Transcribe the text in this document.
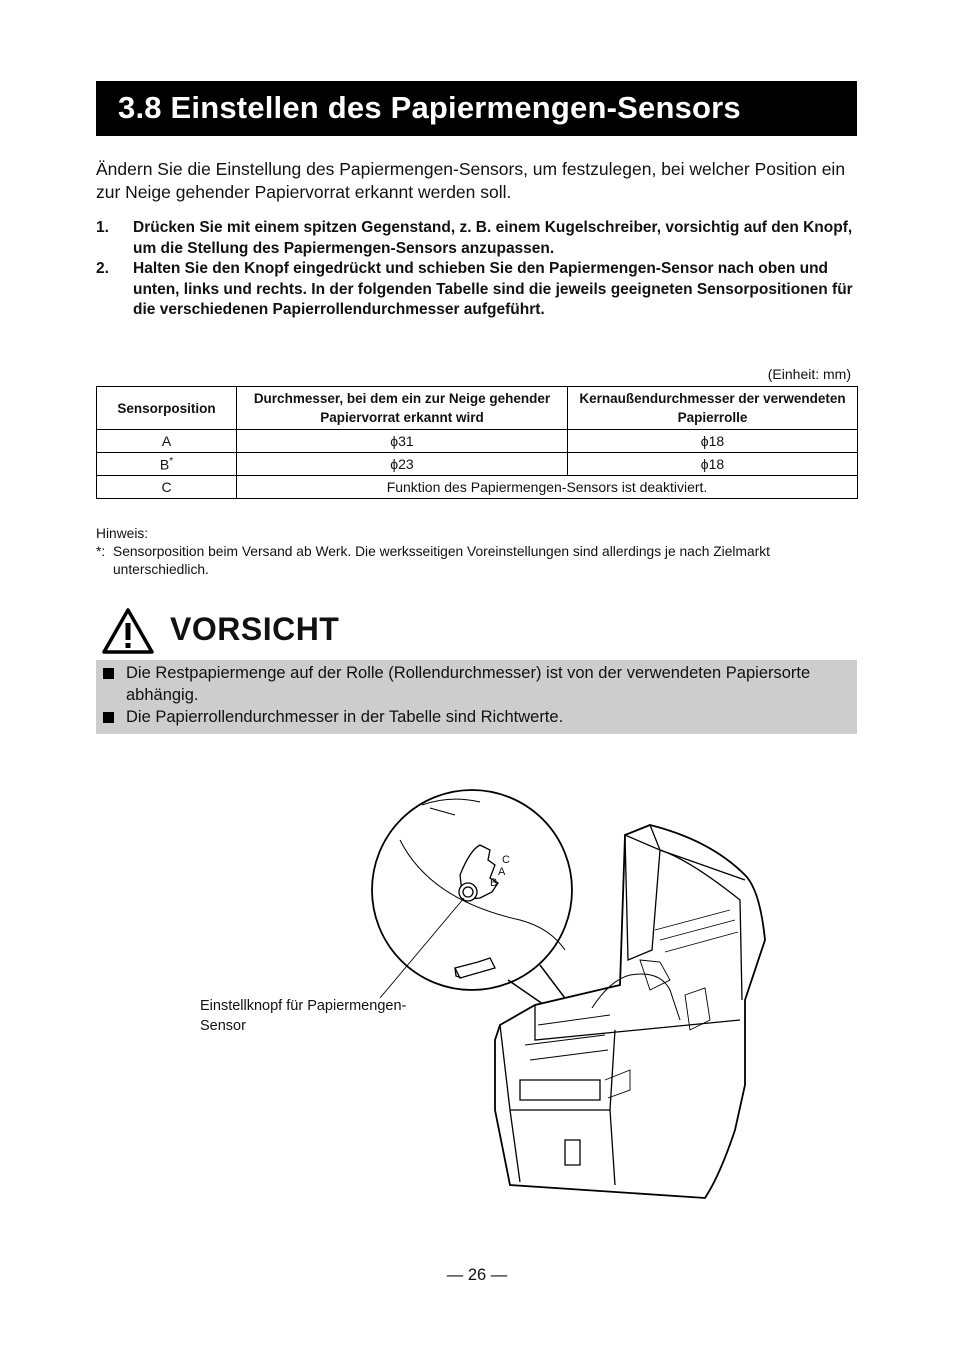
3.8 Einstellen des Papiermengen-Sensors
Ändern Sie die Einstellung des Papiermengen-Sensors, um festzulegen, bei welcher Position ein zur Neige gehender Papiervorrat erkannt werden soll.
1. Drücken Sie mit einem spitzen Gegenstand, z. B. einem Kugelschreiber, vorsichtig auf den Knopf, um die Stellung des Papiermengen-Sensors anzupassen.
2. Halten Sie den Knopf eingedrückt und schieben Sie den Papiermengen-Sensor nach oben und unten, links und rechts. In der folgenden Tabelle sind die jeweils geeigneten Sensorpositionen für die verschiedenen Papierrollendurchmesser aufgeführt.
(Einheit: mm)
Sensorposition	Durchmesser, bei dem ein zur Neige gehender Papiervorrat erkannt wird	Kernaußendurchmesser der verwendeten Papierrolle
A	ϕ31	ϕ18
B*	ϕ23	ϕ18
C	Funktion des Papiermengen-Sensors ist deaktiviert.	
Hinweis:
*: Sensorposition beim Versand ab Werk. Die werksseitigen Voreinstellungen sind allerdings je nach Zielmarkt unterschiedlich.
VORSICHT
Die Restpapiermenge auf der Rolle (Rollendurchmesser) ist von der verwendeten Papiersorte abhängig.
Die Papierrollendurchmesser in der Tabelle sind Richtwerte.
C
A
B
Einstellknopf für Papiermengen-Sensor
— 26 —
